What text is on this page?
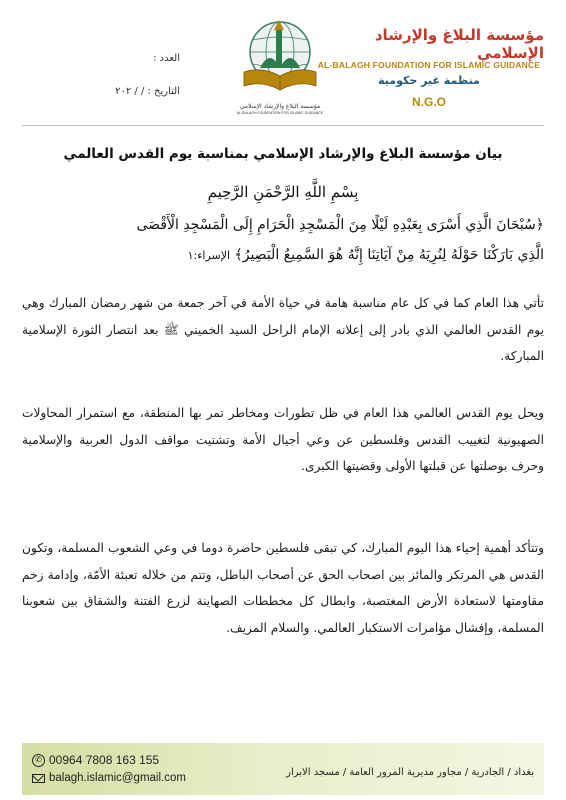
مؤسسة البلاغ والإرشاد الإسلامي
AL-BALAGH FOUNDATION FOR ISLAMIC GUIDANCE
منظمة غير حكومية
N.G.O
مؤسسة البلاغ والإرشاد الإسلامي
AL-BALAGH FOUNDATION FOR ISLAMIC GUIDANCE
العدد :
التاريخ : / / ٢٠٢
بيان مؤسسة البلاغ والإرشاد الإسلامي بمناسبة يوم القدس العالمي
بِسْمِ اللَّهِ الرَّحْمَنِ الرَّحِيمِ
﴿سُبْحَانَ الَّذِي أَسْرَى بِعَبْدِهِ لَيْلًا مِنَ الْمَسْجِدِ الْحَرَامِ إِلَى الْمَسْجِدِ الْأَقْصَى
الَّذِي بَارَكْنَا حَوْلَهُ لِنُرِيَهُ مِنْ آيَاتِنَا إِنَّهُ هُوَ السَّمِيعُ الْبَصِيرُ﴾ الإسراء:١
تأتي هذا العام كما في كل عام مناسبة هامة في حياة الأمة في آخر جمعة من شهر رمضان المبارك وهي يوم القدس العالمي الذي بادر إلى إعلانه الإمام الراحل السيد الخميني ﷺ بعد انتصار الثورة الإسلامية المباركة.
ويحل يوم القدس العالمي هذا العام في ظل تطورات ومخاطر تمر بها المنطقة، مع استمرار المحاولات الصهيونية لتغييب القدس وفلسطين عن وعي أجيال الأمة وتشتيت مواقف الدول العربية والإسلامية وحرف بوصلتها عن قبلتها الأولى وقضيتها الكبرى.
وتتأكد أهمية إحياء هذا اليوم المبارك، كي تبقى فلسطين حاضرة دوما في وعي الشعوب المسلمة، وتكون القدس هي المرتكز والمائز بين اصحاب الحق عن أصحاب الباطل، وتتم من خلاله تعبئة الأمّة، وإدامة زخم مقاومتها لاستعادة الأرض المغتصبة، وابطال كل مخططات الصهاينة لزرع الفتنة والشقاق بين شعوبنا المسلمة، وإفشال مؤامرات الاستكبار العالمي. والسلام المزيف.
✆ 00964 7808 163 155
balagh.islamic@gmail.com	بغداد / الجادرية / مجاور مديرية المرور العامة / مسجد الابرار
